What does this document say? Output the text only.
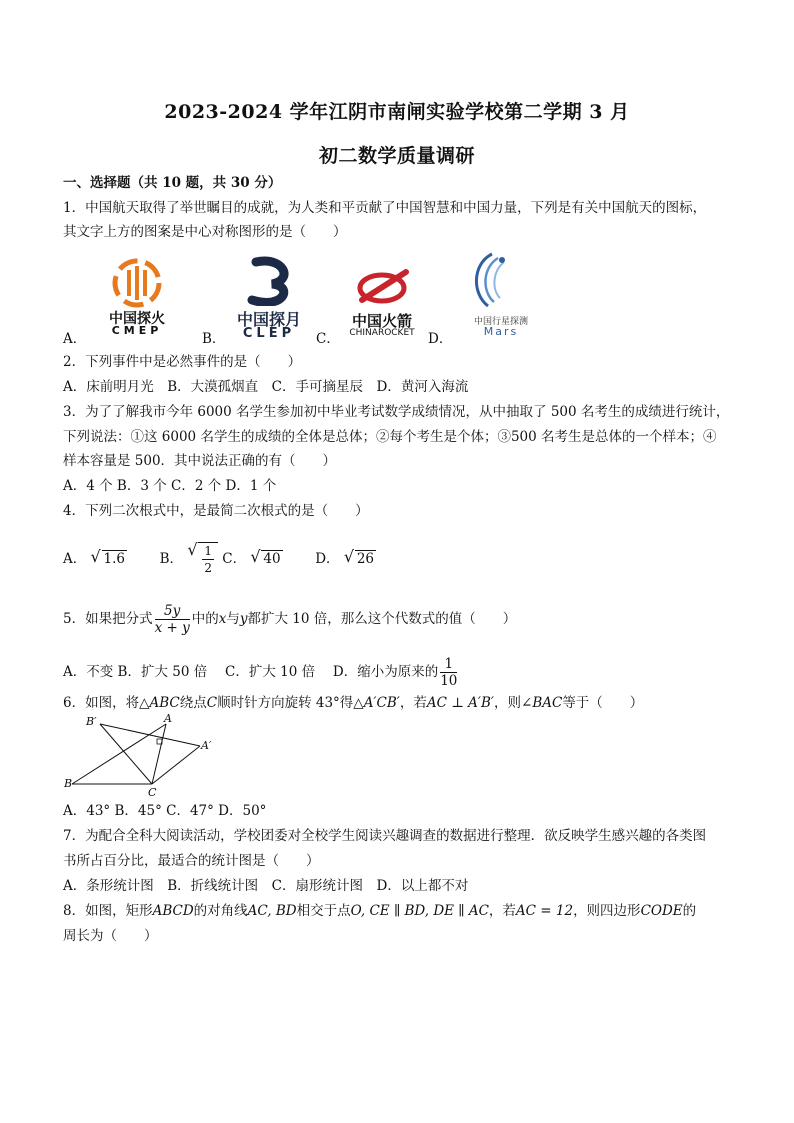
2023-2024 学年江阴市南闸实验学校第二学期 3 月
初二数学质量调研
一、选择题（共 10 题，共 30 分）
1．中国航天取得了举世瞩目的成就，为人类和平贡献了中国智慧和中国力量，下列是有关中国航天的图标，
其文字上方的图案是中心对称图形的是（　　）
中国探火
CMEP
中国探月
CLEP
中国火箭
CHINAROCKET
中国行星探测
Mars
A．	B．	C．	D．
2．下列事件中是必然事件的是（　　）
A．床前明月光　B．大漠孤烟直　C．手可摘星辰　D．黄河入海流
3．为了了解我市今年 6000 名学生参加初中毕业考试数学成绩情况，从中抽取了 500 名考生的成绩进行统计，
下列说法：①这 6000 名学生的成绩的全体是总体；②每个考生是个体；③500 名考生是总体的一个样本；④
样本容量是 500．其中说法正确的有（　　）
A．4 个 B．3 个 C．2 个 D．1 个
4．下列二次根式中，是最简二次根式的是（　　）
A． √ 1.6	B． √ $\frac{1}{2}$ C． √ 40	D． √ 26
5．如果把分式 $\frac{5y}{x + y}$ 中的x与y都扩大 10 倍，那么这个代数式的值（　　）
A．不变 B．扩大 50 倍　 C．扩大 10 倍　 D．缩小为原来的 $\frac{1}{10}$
6．如图，将△ABC绕点C顺时针方向旋转 43°得△A′CB′，若AC ⊥ A′B′，则∠BAC等于（　　）
B′	A
A′
B
C
A．43° B．45° C．47° D．50°
7．为配合全科大阅读活动，学校团委对全校学生阅读兴趣调查的数据进行整理．欲反映学生感兴趣的各类图
书所占百分比，最适合的统计图是（　　）
A．条形统计图　B．折线统计图　C．扇形统计图　D．以上都不对
8．如图，矩形ABCD的对角线AC, BD相交于点O, CE ∥ BD, DE ∥ AC，若AC = 12，则四边形CODE的
周长为（　　）
